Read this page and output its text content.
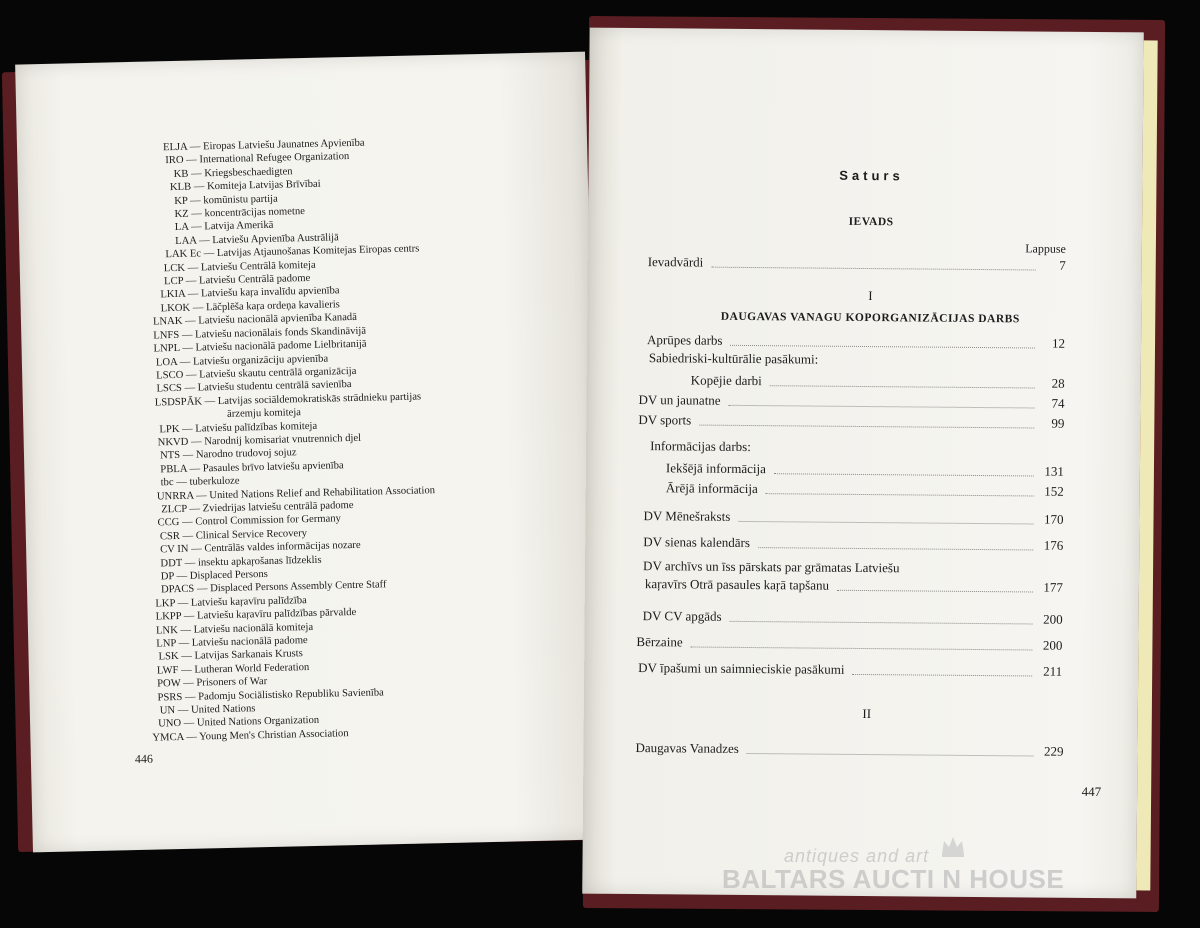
ELJA — Eiropas Latviešu Jaunatnes Apvienība
IRO — International Refugee Organization
KB — Kriegsbeschaedigten
KLB — Komiteja Latvijas Brīvībai
KP — komūnistu partija
KZ — koncentrācijas nometne
LA — Latvija Amerikā
LAA — Latviešu Apvienība Austrālijā
LAK Ec — Latvijas Atjaunošanas Komitejas Eiropas centrs
LCK — Latviešu Centrālā komiteja
LCP — Latviešu Centrālā padome
LKIA — Latviešu kaŗa invalīdu apvienība
LKOK — Lāčplēša kaŗa ordeņa kavalieris
LNAK — Latviešu nacionālā apvienība Kanadā
LNFS — Latviešu nacionālais fonds Skandināvijā
LNPL — Latviešu nacionālā padome Lielbritanijā
LOA — Latviešu organizāciju apvienība
LSCO — Latviešu skautu centrālā organizācija
LSCS — Latviešu studentu centrālā savienība
LSDSPĀK — Latvijas sociāldemokratiskās strādnieku partijas
ārzemju komiteja
LPK — Latviešu palīdzības komiteja
NKVD — Narodnij komisariat vnutrennich djel
NTS — Narodno trudovoj sojuz
PBLA — Pasaules brīvo latviešu apvienība
tbc — tuberkuloze
UNRRA — United Nations Relief and Rehabilitation Association
ZLCP — Zviedrijas latviešu centrālā padome
CCG — Control Commission for Germany
CSR — Clinical Service Recovery
CV IN — Centrālās valdes informācijas nozare
DDT — insektu apkaŗošanas līdzeklis
DP — Displaced Persons
DPACS — Displaced Persons Assembly Centre Staff
LKP — Latviešu kaŗavīru palīdzība
LKPP — Latviešu kaŗavīru palīdzības pārvalde
LNK — Latviešu nacionālā komiteja
LNP — Latviešu nacionālā padome
LSK — Latvijas Sarkanais Krusts
LWF — Lutheran World Federation
POW — Prisoners of War
PSRS — Padomju Sociālistisko Republiku Savienība
UN — United Nations
UNO — United Nations Organization
YMCA — Young Men's Christian Association
446
Saturs
IEVADS
Lappuse
I
DAUGAVAS VANAGU KOPORGANIZĀCIJAS DARBS
II
Ievadvārdi	7
Aprūpes darbs	12
Sabiedriski-kultūrālie pasākumi:
Kopējie darbi	28
DV un jaunatne	74
DV sports	99
Informācijas darbs:
Iekšējā informācija	131
Ārējā informācija	152
DV Mēnešraksts	170
DV sienas kalendārs	176
DV archīvs un īss pārskats par grāmatas Latviešu
kaŗavīrs Otrā pasaules kaŗā tapšanu	177
DV CV apgāds	200
Bērzaine	200
DV īpašumi un saimnieciskie pasākumi	211
Daugavas Vanadzes	229
447
antiques and art
BALTARS AUCTI N HOUSE
